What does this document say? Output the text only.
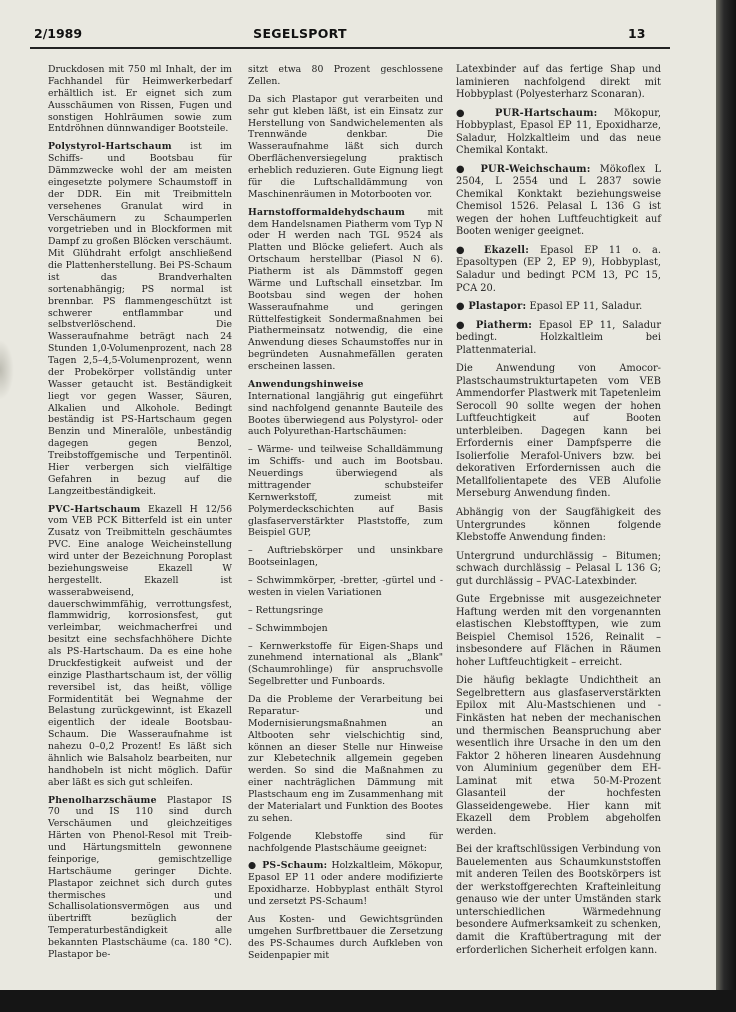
2/1989	SEGELSPORT	13

Druckdosen mit 750 ml Inhalt, der im Fachhandel für Heimwerkerbedarf erhältlich ist. Er eignet sich zum Ausschäumen von Rissen, Fugen und sonstigen Hohlräumen sowie zum Entdröhnen dünnwandiger Bootsteile.

Polystyrol-Hartschaum ist im Schiffs- und Bootsbau für Dämmzwecke wohl der am meisten eingesetzte polymere Schaumstoff in der DDR. Ein mit Treibmitteln versehenes Granulat wird in Verschäumern zu Schaumperlen vorgetrieben und in Blockformen mit Dampf zu großen Blöcken verschäumt. Mit Glühdraht erfolgt anschließend die Plattenherstellung. Bei PS-Schaum ist das Brandverhalten sortenabhängig; PS normal ist brennbar. PS flammengeschützt ist schwerer entflammbar und selbstverlöschend. Die Wasseraufnahme beträgt nach 24 Stunden 1,0-Volumenprozent, nach 28 Tagen 2,5–4,5-Volumenprozent, wenn der Probekörper vollständig unter Wasser getaucht ist. Beständigkeit liegt vor gegen Wasser, Säuren, Alkalien und Alkohole. Bedingt beständig ist PS-Hartschaum gegen Benzin und Mineralöle, unbeständig dagegen gegen Benzol, Treibstoffgemische und Terpentinöl. Hier verbergen sich vielfältige Gefahren in bezug auf die Langzeitbeständigkeit.

PVC-Hartschaum Ekazell H 12/56 vom VEB PCK Bitterfeld ist ein unter Zusatz von Treibmitteln geschäumtes PVC. Eine analoge Weicheinstellung wird unter der Bezeichnung Poroplast beziehungsweise Ekazell W hergestellt. Ekazell ist wasserabweisend, dauerschwimmfähig, verrottungsfest, flammwidrig, korrosionsfest, gut verleimbar, weichmacherfrei und besitzt eine sechsfachhöhere Dichte als PS-Hartschaum. Da es eine hohe Druckfestigkeit aufweist und der einzige Plasthartschaum ist, der völlig reversibel ist, das heißt, völlige Formidentität bei Wegnahme der Belastung zurückgewinnt, ist Ekazell eigentlich der ideale Bootsbau-Schaum. Die Wasseraufnahme ist nahezu 0–0,2 Prozent! Es läßt sich ähnlich wie Balsaholz bearbeiten, nur handhobeln ist nicht möglich. Dafür aber läßt es sich gut schleifen.

Phenolharzschäume Plastapor IS 70 und IS 110 sind durch Verschäumen und gleichzeitiges Härten von Phenol-Resol mit Treib- und Härtungsmitteln gewonnene feinporige, gemischtzellige Hartschäume geringer Dichte. Plastapor zeichnet sich durch gutes thermisches und Schallisolationsvermögen aus und übertrifft bezüglich der Temperaturbeständigkeit alle bekannten Plastschäume (ca. 180 °C). Plastapor be-

sitzt etwa 80 Prozent geschlossene Zellen.

Da sich Plastapor gut verarbeiten und sehr gut kleben läßt, ist ein Einsatz zur Herstellung von Sandwichelementen als Trennwände denkbar. Die Wasseraufnahme läßt sich durch Oberflächenversiegelung praktisch erheblich reduzieren. Gute Eignung liegt für die Luftschalldämmung von Maschinenräumen in Motorbooten vor.

Harnstofformaldehydschaum mit dem Handelsnamen Piatherm vom Typ N oder H werden nach TGL 9524 als Platten und Blöcke geliefert. Auch als Ortschaum herstellbar (Piasol N 6). Piatherm ist als Dämmstoff gegen Wärme und Luftschall einsetzbar. Im Bootsbau sind wegen der hohen Wasseraufnahme und geringen Rüttelfestigkeit Sondermaßnahmen bei Piathermeinsatz notwendig, die eine Anwendung dieses Schaumstoffes nur in begründeten Ausnahmefällen geraten erscheinen lassen.

Anwendungshinweise
International langjährig gut eingeführt sind nachfolgend genannte Bauteile des Bootes überwiegend aus Polystyrol- oder auch Polyurethan-Hartschäumen:

– Wärme- und teilweise Schalldämmung im Schiffs- und auch im Bootsbau. Neuerdings überwiegend als mittragender schubsteifer Kernwerkstoff, zumeist mit Polymerdeckschichten auf Basis glasfaserverstärkter Plaststoffe, zum Beispiel GUP,

– Auftriebskörper und unsinkbare Bootseinlagen,

– Schwimmkörper, -bretter, -gürtel und -westen in vielen Variationen

– Rettungsringe

– Schwimmbojen

– Kernwerkstoffe für Eigen-Shaps und zunehmend international als „Blank" (Schaumrohlinge) für anspruchsvolle Segelbretter und Funboards.

Da die Probleme der Verarbeitung bei Reparatur- und Modernisierungsmaßnahmen an Altbooten sehr vielschichtig sind, können an dieser Stelle nur Hinweise zur Klebetechnik allgemein gegeben werden. So sind die Maßnahmen zu einer nachträglichen Dämmung mit Plastschaum eng im Zusammenhang mit der Materialart und Funktion des Bootes zu sehen.

Folgende Klebstoffe sind für nachfolgende Plastschäume geeignet:

● PS-Schaum: Holzkaltleim, Mökopur, Epasol EP 11 oder andere modifizierte Epoxidharze. Hobbyplast enthält Styrol und zersetzt PS-Schaum!

Aus Kosten- und Gewichtsgründen umgehen Surfbrettbauer die Zersetzung des PS-Schaumes durch Aufkleben von Seidenpapier mit

Latexbinder auf das fertige Shap und laminieren nachfolgend direkt mit Hobbyplast (Polyesterharz Sconaran).

● PUR-Hartschaum: Mökopur, Hobbyplast, Epasol EP 11, Epoxidharze, Saladur, Holzkaltleim und das neue Chemikal Kontakt.

● PUR-Weichschaum: Mökoflex L 2504, L 2554 und L 2837 sowie Chemikal Konktakt beziehungsweise Chemisol 1526. Pelasal L 136 G ist wegen der hohen Luftfeuchtigkeit auf Booten weniger geeignet.

● Ekazell: Epasol EP 11 o. a. Epasoltypen (EP 2, EP 9), Hobbyplast, Saladur und bedingt PCM 13, PC 15, PCA 20.

● Plastapor: Epasol EP 11, Saladur.

● Piatherm: Epasol EP 11, Saladur bedingt. Holzkaltleim bei Plattenmaterial.

Die Anwendung von Amocor-Plastschaumstrukturtapeten vom VEB Ammendorfer Plastwerk mit Tapetenleim Serocoll 90 sollte wegen der hohen Luftfeuchtigkeit auf Booten unterbleiben. Dagegen kann bei Erfordernis einer Dampfsperre die Isolierfolie Merafol-Univers bzw. bei dekorativen Erfordernissen auch die Metallfolientapete des VEB Alufolie Merseburg Anwendung finden.

Abhängig von der Saugfähigkeit des Untergrundes können folgende Klebstoffe Anwendung finden:

Untergrund undurchlässig – Bitumen; schwach durchlässig – Pelasal L 136 G; gut durchlässig – PVAC-Latexbinder.

Gute Ergebnisse mit ausgezeichneter Haftung werden mit den vorgenannten elastischen Klebstofftypen, wie zum Beispiel Chemisol 1526, Reinalit – insbesondere auf Flächen in Räumen hoher Luftfeuchtigkeit – erreicht.

Die häufig beklagte Undichtheit an Segelbrettern aus glasfaserverstärkten Epilox mit Alu-Mastschienen und -Finkästen hat neben der mechanischen und thermischen Beanspruchung aber wesentlich ihre Ursache in den um den Faktor 2 höheren linearen Ausdehnung von Aluminium gegenüber dem EH-Laminat mit etwa 50-M-Prozent Glasanteil der hochfesten Glasseidengewebe. Hier kann mit Ekazell dem Problem abgeholfen werden.

Bei der kraftschlüssigen Verbindung von Bauelementen aus Schaumkunststoffen mit anderen Teilen des Bootskörpers ist der werkstoffgerechten Krafteinleitung genauso wie der unter Umständen stark unterschiedlichen Wärmedehnung besondere Aufmerksamkeit zu schenken, damit die Kraftübertragung mit der erforderlichen Sicherheit erfolgen kann.
